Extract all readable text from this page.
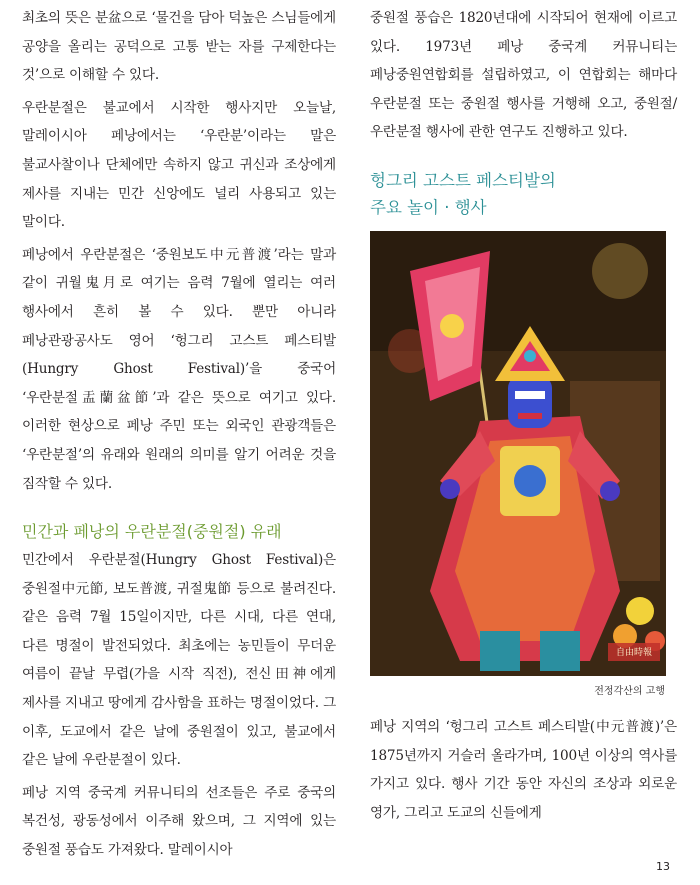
최초의 뜻은 분盆으로 ‘물건을 담아 덕높은 스님들에게 공양을 올리는 공덕으로 고통 받는 자를 구제한다는 것’으로 이해할 수 있다.

우란분절은 불교에서 시작한 행사지만 오늘날, 말레이시아 페낭에서는 ‘우란분’이라는 말은 불교사찰이나 단체에만 속하지 않고 귀신과 조상에게 제사를 지내는 민간 신앙에도 널리 사용되고 있는 말이다.

페낭에서 우란분절은 ‘중원보도中元普渡’라는 말과 같이 귀월鬼月로 여기는 음력 7월에 열리는 여러 행사에서 흔히 볼 수 있다. 뿐만 아니라 페낭관광공사도 영어 ‘헝그리 고스트 페스티발(Hungry Ghost Festival)’을 중국어 ‘우란분절盂蘭盆節’과 같은 뜻으로 여기고 있다. 이러한 현상으로 페낭 주민 또는 외국인 관광객들은 ‘우란분절’의 유래와 원래의 의미를 알기 어려운 것을 짐작할 수 있다.

민간과 페낭의 우란분절(중원절) 유래

민간에서 우란분절(Hungry Ghost Festival)은 중원절中元節, 보도普渡, 귀절鬼節 등으로 불려진다. 같은 음력 7월 15일이지만, 다른 시대, 다른 연대, 다른 명절이 발전되었다. 최초에는 농민들이 무더운 여름이 끝날 무렵(가을 시작 직전), 전신田神에게 제사를 지내고 땅에게 감사함을 표하는 명절이었다. 그 이후, 도교에서 같은 날에 중원절이 있고, 불교에서 같은 날에 우란분절이 있다.

페낭 지역 중국계 커뮤니티의 선조들은 주로 중국의 복건성, 광동성에서 이주해 왔으며, 그 지역에 있는 중원절 풍습도 가져왔다. 말레이시아

중원절 풍습은 1820년대에 시작되어 현재에 이르고 있다. 1973년 페낭 중국계 커뮤니티는 페낭중원연합회를 설립하였고, 이 연합회는 해마다 우란분절 또는 중원절 행사를 거행해 오고, 중원절/우란분절 행사에 관한 연구도 진행하고 있다.

헝그리 고스트 페스티발의
주요 놀이 · 행사
自由時報
전정각산의 고행

페낭 지역의 ‘헝그리 고스트 페스티발(中元普渡)’은 1875년까지 거슬러 올라가며, 100년 이상의 역사를 가지고 있다. 행사 기간 동안 자신의 조상과 외로운 영가, 그리고 도교의 신들에게

13
